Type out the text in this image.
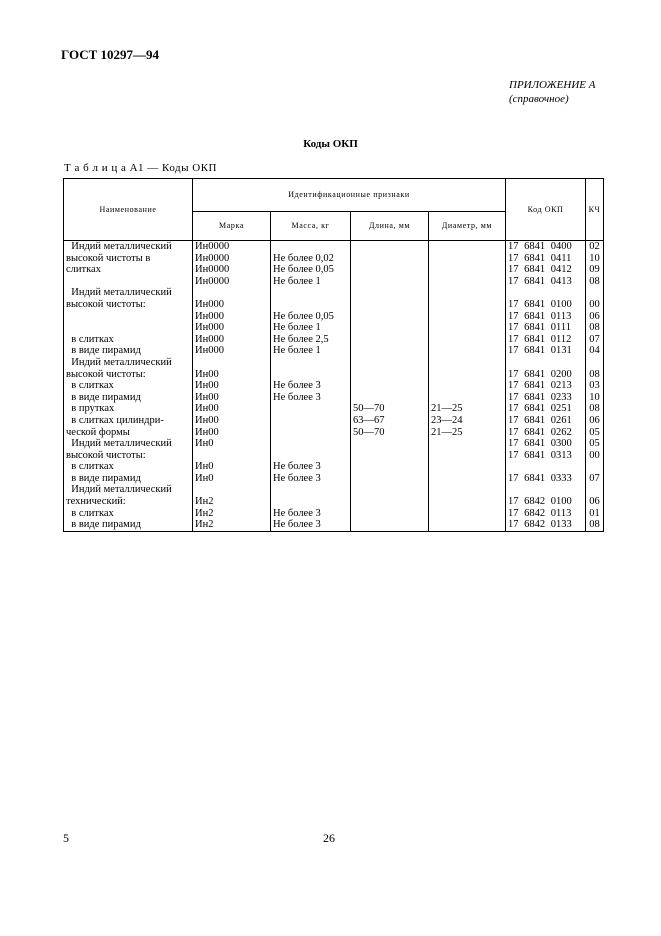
ГОСТ 10297—94
ПРИЛОЖЕНИЕ А
(справочное)
Коды ОКП
Т а б л и ц а А1 — Коды ОКП
Наименование	Идентификационные признаки				Код ОКП	КЧ
	Марка	Масса, кг	Длина, мм	Диаметр, мм		
Индий металлический	Ин0000				17 6841 0400	02
высокой чистоты в	Ин0000	Не более 0,02			17 6841 0411	10
слитках	Ин0000	Не более 0,05			17 6841 0412	09
	Ин0000	Не более 1			17 6841 0413	08
Индий металлический						
высокой чистоты:	Ин000				17 6841 0100	00
	Ин000	Не более 0,05			17 6841 0113	06
	Ин000	Не более 1			17 6841 0111	08
в слитках	Ин000	Не более 2,5			17 6841 0112	07
в виде пирамид	Ин000	Не более 1			17 6841 0131	04
Индий металлический						
высокой чистоты:	Ин00				17 6841 0200	08
в слитках	Ин00	Не более 3			17 6841 0213	03
в виде пирамид	Ин00	Не более 3			17 6841 0233	10
в прутках	Ин00		50—70	21—25	17 6841 0251	08
в слитках цилиндри-	Ин00		63—67	23—24	17 6841 0261	06
ческой формы	Ин00		50—70	21—25	17 6841 0262	05
Индий металлический	Ин0				17 6841 0300	05
высокой чистоты:					17 6841 0313	00
в слитках	Ин0	Не более 3				
в виде пирамид	Ин0	Не более 3			17 6841 0333	07
Индий металлический						
технический:	Ин2				17 6842 0100	06
в слитках	Ин2	Не более 3			17 6842 0113	01
в виде пирамид	Ин2	Не более 3			17 6842 0133	08
5	26
